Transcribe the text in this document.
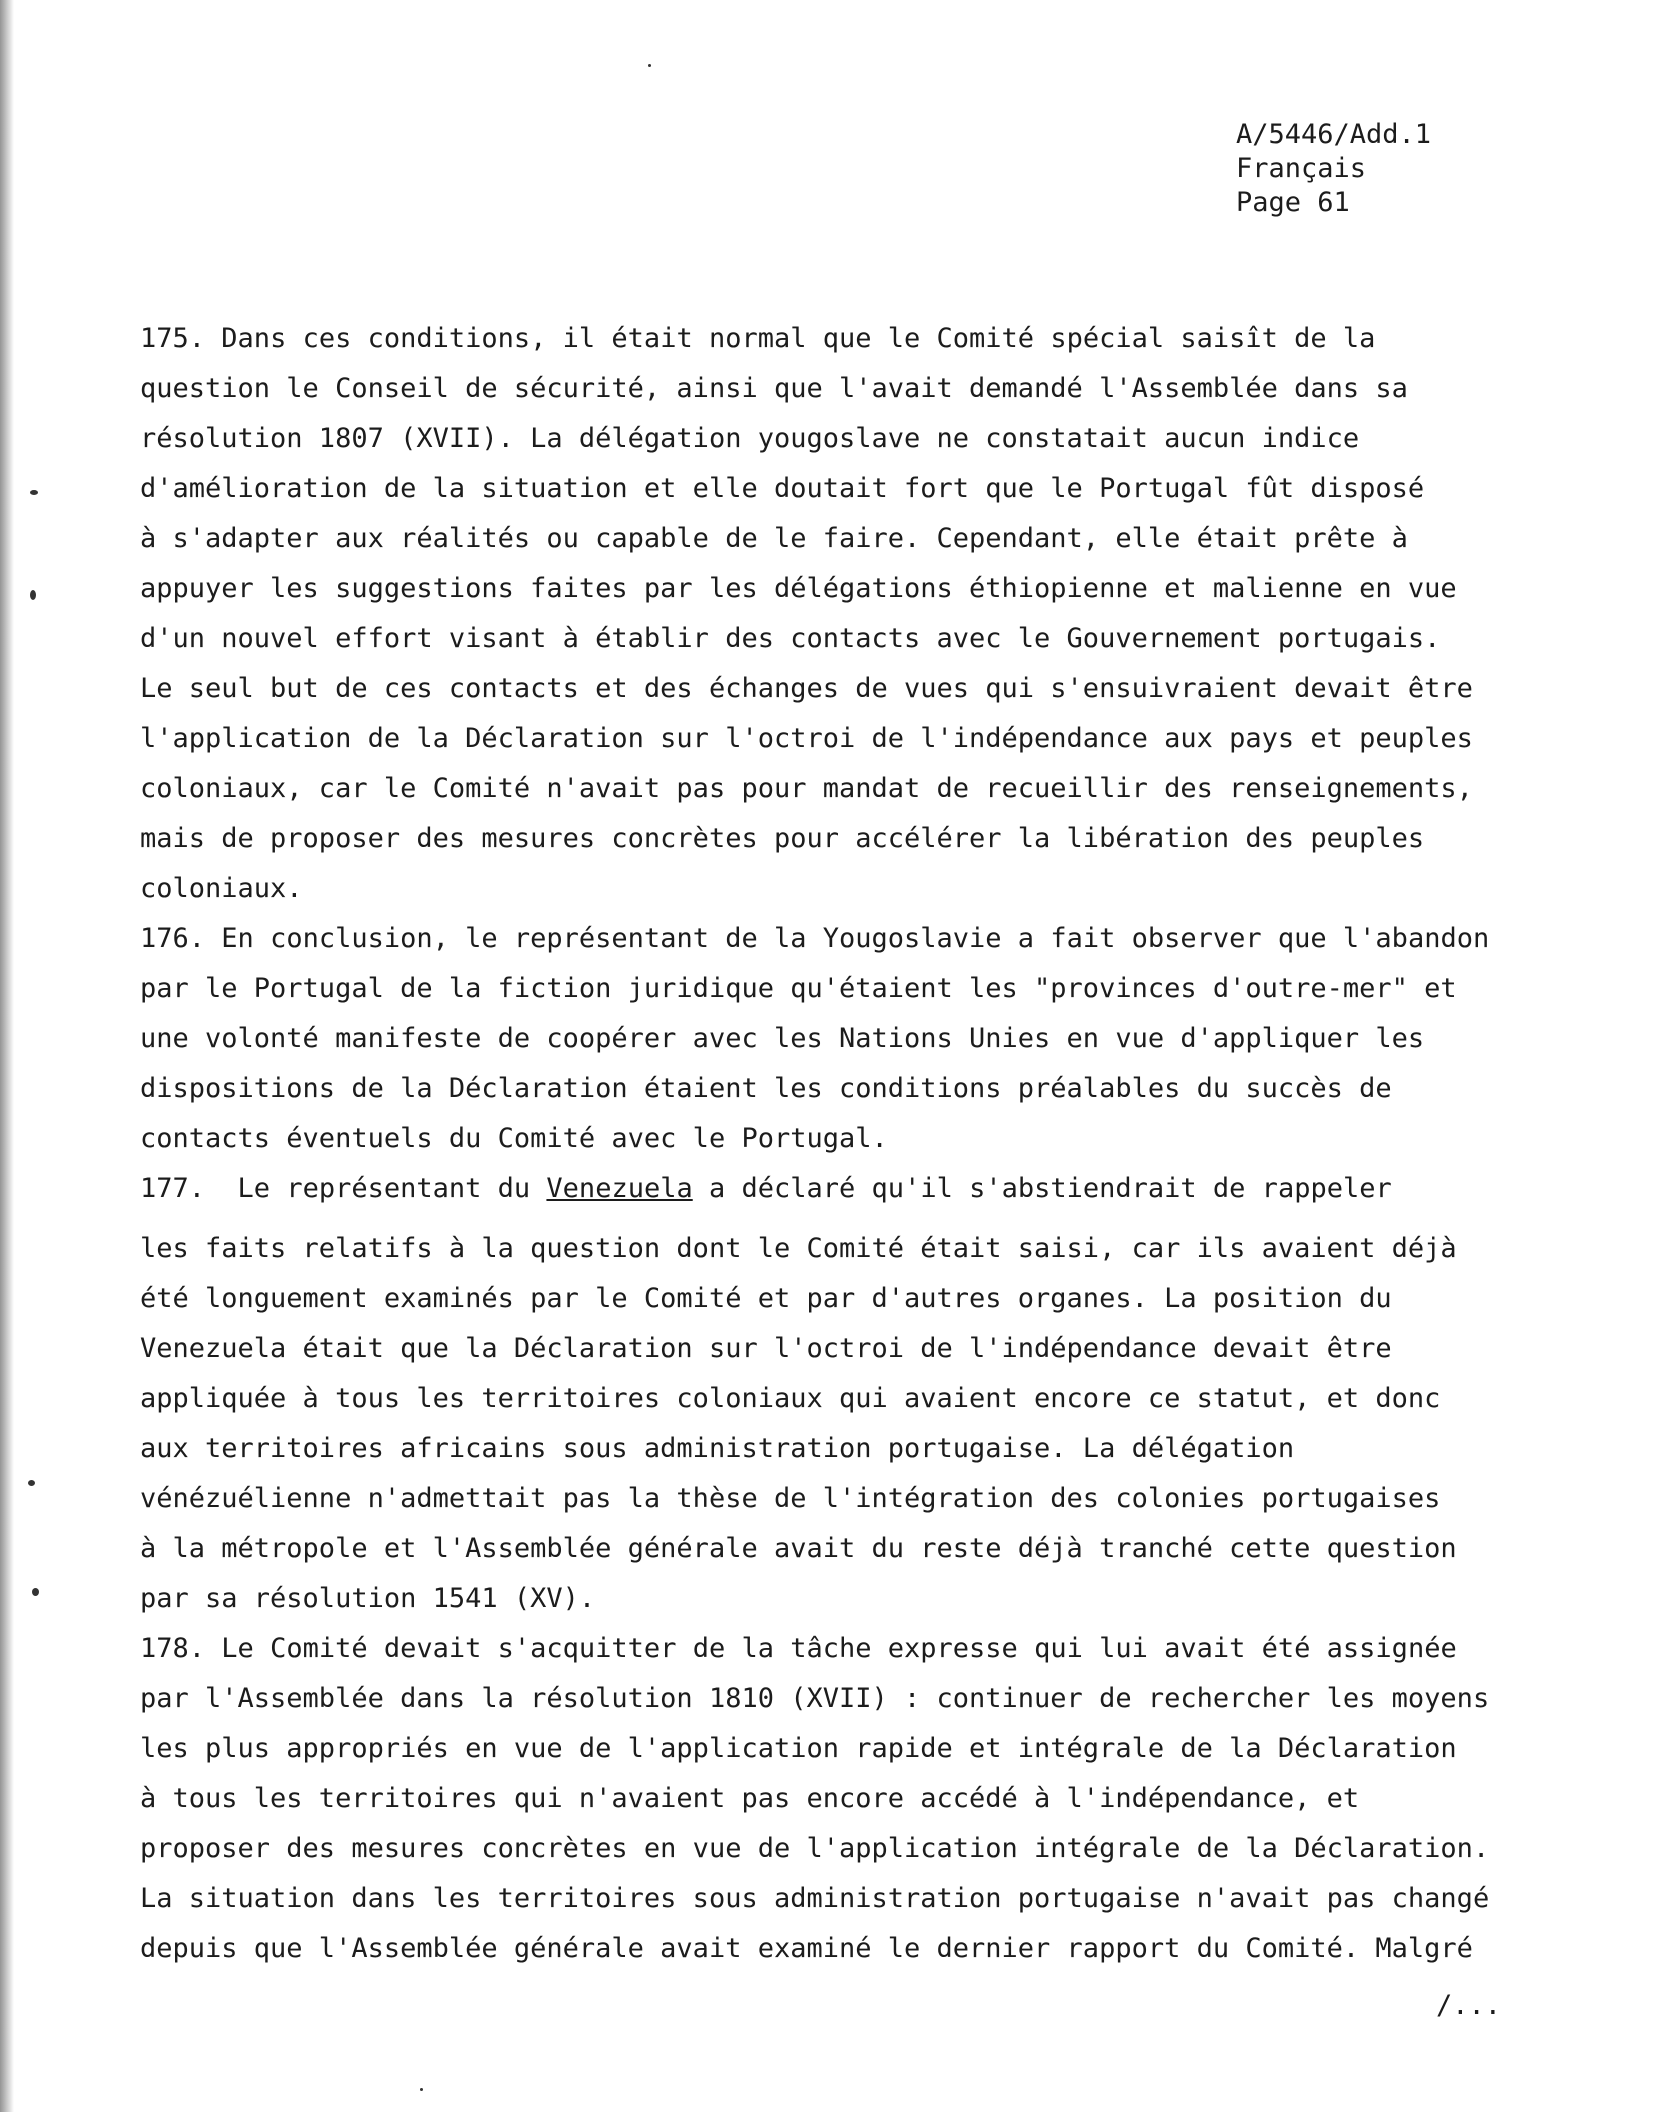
A/5446/Add.1
Français
Page 61
175. Dans ces conditions, il était normal que le Comité spécial saisît de la
question le Conseil de sécurité, ainsi que l'avait demandé l'Assemblée dans sa
résolution 1807 (XVII). La délégation yougoslave ne constatait aucun indice
d'amélioration de la situation et elle doutait fort que le Portugal fût disposé
à s'adapter aux réalités ou capable de le faire. Cependant, elle était prête à
appuyer les suggestions faites par les délégations éthiopienne et malienne en vue
d'un nouvel effort visant à établir des contacts avec le Gouvernement portugais.
Le seul but de ces contacts et des échanges de vues qui s'ensuivraient devait être
l'application de la Déclaration sur l'octroi de l'indépendance aux pays et peuples
coloniaux, car le Comité n'avait pas pour mandat de recueillir des renseignements,
mais de proposer des mesures concrètes pour accélérer la libération des peuples
coloniaux.
176. En conclusion, le représentant de la Yougoslavie a fait observer que l'abandon
par le Portugal de la fiction juridique qu'étaient les "provinces d'outre-mer" et
une volonté manifeste de coopérer avec les Nations Unies en vue d'appliquer les
dispositions de la Déclaration étaient les conditions préalables du succès de
contacts éventuels du Comité avec le Portugal.
177. Le représentant du Venezuela a déclaré qu'il s'abstiendrait de rappeler
les faits relatifs à la question dont le Comité était saisi, car ils avaient déjà
été longuement examinés par le Comité et par d'autres organes. La position du
Venezuela était que la Déclaration sur l'octroi de l'indépendance devait être
appliquée à tous les territoires coloniaux qui avaient encore ce statut, et donc
aux territoires africains sous administration portugaise. La délégation
vénézuélienne n'admettait pas la thèse de l'intégration des colonies portugaises
à la métropole et l'Assemblée générale avait du reste déjà tranché cette question
par sa résolution 1541 (XV).
178. Le Comité devait s'acquitter de la tâche expresse qui lui avait été assignée
par l'Assemblée dans la résolution 1810 (XVII) : continuer de rechercher les moyens
les plus appropriés en vue de l'application rapide et intégrale de la Déclaration
à tous les territoires qui n'avaient pas encore accédé à l'indépendance, et
proposer des mesures concrètes en vue de l'application intégrale de la Déclaration.
La situation dans les territoires sous administration portugaise n'avait pas changé
depuis que l'Assemblée générale avait examiné le dernier rapport du Comité. Malgré
/...
